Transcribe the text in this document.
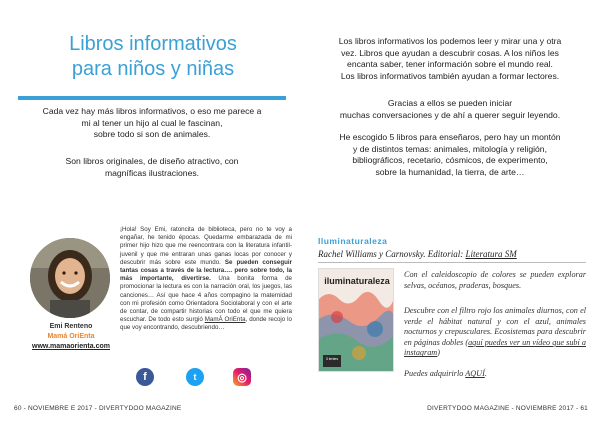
Libros informativos
para niños y niñas

Cada vez hay más libros informativos, o eso me parece a
mi al tener un hijo al cual le fascinan,
sobre todo si son de animales.

Son libros originales, de diseño atractivo, con
magníficas ilustraciones.

Emi Renteno
Mamá OriEnta
www.mamaorienta.com

¡Hola! Soy Emi, ratoncita de biblioteca, pero no te voy a engañar, he tenido épocas. Quedarme embarazada de mi primer hijo hizo que me reencontrara con la literatura infantil-juvenil y que me entraran unas ganas locas por conocer y descubrir más sobre este mundo. Se pueden conseguir tantas cosas a través de la lectura…. pero sobre todo, la más importante, divertirse. Una bonita forma de promocionar la lectura es con la narración oral, los juegos, las canciones… Así que hace 4 años compagino la maternidad con mi profesión como Orientadora Sociolaboral y con el arte de contar, de compartir historias con todo el que me quiera escuchar. De todo esto surgió MamÁ OriEnta, donde recojo lo que voy encontrando, descubriendo…

f	t	◎
60 - NOVIEMBRE E 2017 - DIVERTYDOO MAGAZINE

Los libros informativos los podemos leer y mirar una y otra
vez. Libros que ayudan a descubrir cosas. A los niños les
encanta saber, tener información sobre el mundo real.
Los libros informativos también ayudan a formar lectores.

Gracias a ellos se pueden iniciar
muchas conversaciones y de ahí a querer seguir leyendo.

He escogido 5 libros para enseñaros, pero hay un montón
y de distintos temas: animales, mitología y religión,
bibliográficos, recetario, cósmicos, de experimento,
sobre la humanidad, la tierra, de arte…

Iluminaturaleza
Rachel Williams y Carnovsky. Editorial: Literatura SM
iluminaturaleza
3 lentes

Con el caleidoscopio de colores se pueden explorar selvas, océanos, praderas, bosques.

Descubre con el filtro rojo los animales diurnos, con el verde el hábitat natural y con el azul, animales nocturnos y crepusculares. Ecosistemas para descubrir en páginas dobles (aquí puedes ver un vídeo que subí a instagram)

Puedes adquirirlo AQUÍ.

DIVERTYDOO MAGAZINE - NOVIEMBRE 2017 - 61
